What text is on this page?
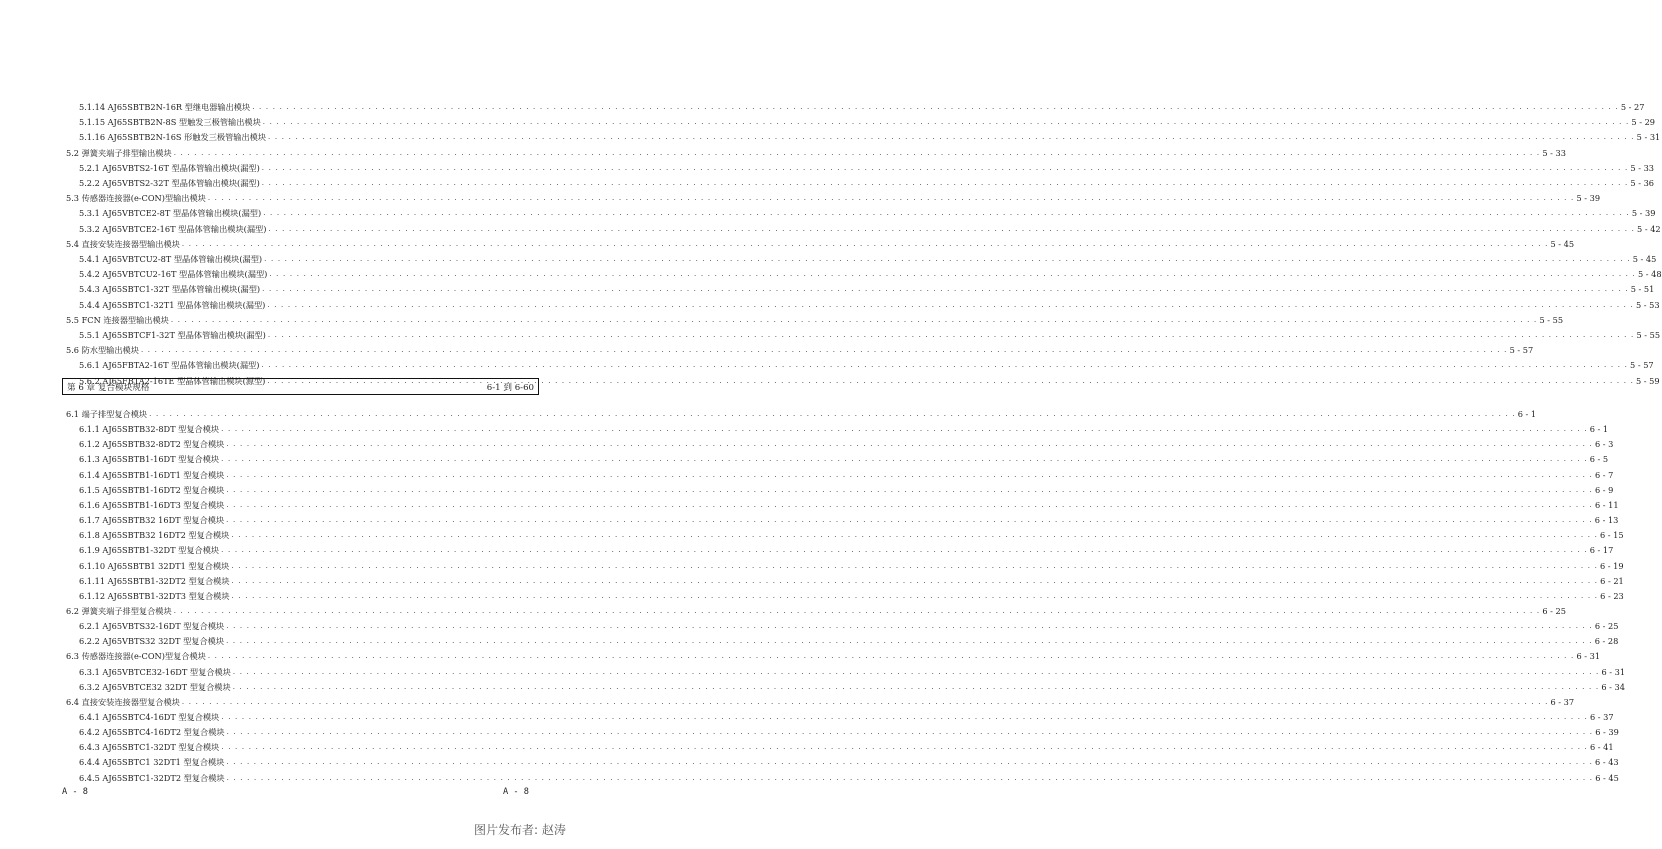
5.1.14 AJ65SBTB2N-16R 型继电器输出模块 . . . . . . . . . . . . . . . . . . . . . . . . . . . . . . . . . . . . . . . . . . . . . . . . . . . . . . . . . . . . . . . . . . . . . . . . . . . . . . . . . . . . . . . . . . . . . . . . . . . . . . . . . . . . . . . . . . . . . . . . . . . . . . . . . . . . . . . . . . . . . . . . . . . . . . . . . . . . . . . . . . . . . . . . . . . . . . . . . . . . . . . . . . . . . . . . . . . . . . . . 5 - 27
5.1.15 AJ65SBTB2N-8S 型触发三极管输出模块 . . . . . . . . . . . . . . . . . . . . . . . . . . . . . . . . . . . . . . . . . . . . . . . . . . . . . . . . . . . . . . . . . . . . . . . . . . . . . . . . . . . . . . . . . . . . . . . . . . . . . . . . . . . . . . . . . . . . . . . . . . . . . . . . . . . . . . . . . . . . . . . . . . . . . . . . . . . . . . . . . . . . . . . . . . . . . . . . . . . . . . . . . . . . . . . . . . . . . . . . 5 - 29
5.1.16 AJ65SBTB2N-16S 形触发三极管输出模块 . . . . . . . . . . . . . . . . . . . . . . . . . . . . . . . . . . . . . . . . . . . . . . . . . . . . . . . . . . . . . . . . . . . . . . . . . . . . . . . . . . . . . . . . . . . . . . . . . . . . . . . . . . . . . . . . . . . . . . . . . . . . . . . . . . . . . . . . . . . . . . . . . . . . . . . . . . . . . . . . . . . . . . . . . . . . . . . . . . . . . . . . . . . . . . . . . . . . . . . . 5 - 31
5.2 弹簧夹端子排型输出模块 . . . . . . . . . . . . . . . . . . . . . . . . . . . . . . . . . . . . . . . . . . . . . . . . . . . . . . . . . . . . . . . . . . . . . . . . . . . . . . . . . . . . . . . . . . . . . . . . . . . . . . . . . . . . . . . . . . . . . . . . . . . . . . . . . . . . . . . . . . . . . . . . . . . . . . . . . . . . . . . . . . . . . . . . . . . . . . . . . . . . . . . . . . . . . . . . . . . . . . . . 5 - 33
5.2.1 AJ65VBTS2-16T 型晶体管输出模块(漏型) . . . . . . . . . . . . . . . . . . . . . . . . . . . . . . . . . . . . . . . . . . . . . . . . . . . . . . . . . . . . . . . . . . . . . . . . . . . . . . . . . . . . . . . . . . . . . . . . . . . . . . . . . . . . . . . . . . . . . . . . . . . . . . . . . . . . . . . . . . . . . . . . . . . . . . . . . . . . . . . . . . . . . . . . . . . . . . . . . . . . . . . . . . . . . . . . . . . . . . . . 5 - 33
5.2.2 AJ65VBTS2-32T 型晶体管输出模块(漏型) . . . . . . . . . . . . . . . . . . . . . . . . . . . . . . . . . . . . . . . . . . . . . . . . . . . . . . . . . . . . . . . . . . . . . . . . . . . . . . . . . . . . . . . . . . . . . . . . . . . . . . . . . . . . . . . . . . . . . . . . . . . . . . . . . . . . . . . . . . . . . . . . . . . . . . . . . . . . . . . . . . . . . . . . . . . . . . . . . . . . . . . . . . . . . . . . . . . . . . . . 5 - 36
5.3 传感器连接器(e-CON)型输出模块 . . . . . . . . . . . . . . . . . . . . . . . . . . . . . . . . . . . . . . . . . . . . . . . . . . . . . . . . . . . . . . . . . . . . . . . . . . . . . . . . . . . . . . . . . . . . . . . . . . . . . . . . . . . . . . . . . . . . . . . . . . . . . . . . . . . . . . . . . . . . . . . . . . . . . . . . . . . . . . . . . . . . . . . . . . . . . . . . . . . . . . . . . . . . . . . . . . . . . . . . 5 - 39
5.3.1 AJ65VBTCE2-8T 型晶体管输出模块(漏型) . . . . . . . . . . . . . . . . . . . . . . . . . . . . . . . . . . . . . . . . . . . . . . . . . . . . . . . . . . . . . . . . . . . . . . . . . . . . . . . . . . . . . . . . . . . . . . . . . . . . . . . . . . . . . . . . . . . . . . . . . . . . . . . . . . . . . . . . . . . . . . . . . . . . . . . . . . . . . . . . . . . . . . . . . . . . . . . . . . . . . . . . . . . . . . . . . . . . . . . . 5 - 39
5.3.2 AJ65VBTCE2-16T 型晶体管输出模块(漏型) . . . . . . . . . . . . . . . . . . . . . . . . . . . . . . . . . . . . . . . . . . . . . . . . . . . . . . . . . . . . . . . . . . . . . . . . . . . . . . . . . . . . . . . . . . . . . . . . . . . . . . . . . . . . . . . . . . . . . . . . . . . . . . . . . . . . . . . . . . . . . . . . . . . . . . . . . . . . . . . . . . . . . . . . . . . . . . . . . . . . . . . . . . . . . . . . . . . . . . . . 5 - 42
5.4 直接安装连接器型输出模块 . . . . . . . . . . . . . . . . . . . . . . . . . . . . . . . . . . . . . . . . . . . . . . . . . . . . . . . . . . . . . . . . . . . . . . . . . . . . . . . . . . . . . . . . . . . . . . . . . . . . . . . . . . . . . . . . . . . . . . . . . . . . . . . . . . . . . . . . . . . . . . . . . . . . . . . . . . . . . . . . . . . . . . . . . . . . . . . . . . . . . . . . . . . . . . . . . . . . . . . . 5 - 45
5.4.1 AJ65VBTCU2-8T 型晶体管输出模块(漏型) . . . . . . . . . . . . . . . . . . . . . . . . . . . . . . . . . . . . . . . . . . . . . . . . . . . . . . . . . . . . . . . . . . . . . . . . . . . . . . . . . . . . . . . . . . . . . . . . . . . . . . . . . . . . . . . . . . . . . . . . . . . . . . . . . . . . . . . . . . . . . . . . . . . . . . . . . . . . . . . . . . . . . . . . . . . . . . . . . . . . . . . . . . . . . . . . . . . . . . . . 5 - 45
5.4.2 AJ65VBTCU2-16T 型晶体管输出模块(漏型) . . . . . . . . . . . . . . . . . . . . . . . . . . . . . . . . . . . . . . . . . . . . . . . . . . . . . . . . . . . . . . . . . . . . . . . . . . . . . . . . . . . . . . . . . . . . . . . . . . . . . . . . . . . . . . . . . . . . . . . . . . . . . . . . . . . . . . . . . . . . . . . . . . . . . . . . . . . . . . . . . . . . . . . . . . . . . . . . . . . . . . . . . . . . . . . . . . . . . . . . 5 - 48
5.4.3 AJ65SBTC1-32T 型晶体管输出模块(漏型) . . . . . . . . . . . . . . . . . . . . . . . . . . . . . . . . . . . . . . . . . . . . . . . . . . . . . . . . . . . . . . . . . . . . . . . . . . . . . . . . . . . . . . . . . . . . . . . . . . . . . . . . . . . . . . . . . . . . . . . . . . . . . . . . . . . . . . . . . . . . . . . . . . . . . . . . . . . . . . . . . . . . . . . . . . . . . . . . . . . . . . . . . . . . . . . . . . . . . . . . 5 - 51
5.4.4 AJ65SBTC1-32T1 型晶体管输出模块(漏型) . . . . . . . . . . . . . . . . . . . . . . . . . . . . . . . . . . . . . . . . . . . . . . . . . . . . . . . . . . . . . . . . . . . . . . . . . . . . . . . . . . . . . . . . . . . . . . . . . . . . . . . . . . . . . . . . . . . . . . . . . . . . . . . . . . . . . . . . . . . . . . . . . . . . . . . . . . . . . . . . . . . . . . . . . . . . . . . . . . . . . . . . . . . . . . . . . . . . . . . . 5 - 53
5.5 FCN 连接器型输出模块 . . . . . . . . . . . . . . . . . . . . . . . . . . . . . . . . . . . . . . . . . . . . . . . . . . . . . . . . . . . . . . . . . . . . . . . . . . . . . . . . . . . . . . . . . . . . . . . . . . . . . . . . . . . . . . . . . . . . . . . . . . . . . . . . . . . . . . . . . . . . . . . . . . . . . . . . . . . . . . . . . . . . . . . . . . . . . . . . . . . . . . . . . . . . . . . . . . . . . . . . 5 - 55
5.5.1 AJ65SBTCF1-32T 型晶体管输出模块(漏型) . . . . . . . . . . . . . . . . . . . . . . . . . . . . . . . . . . . . . . . . . . . . . . . . . . . . . . . . . . . . . . . . . . . . . . . . . . . . . . . . . . . . . . . . . . . . . . . . . . . . . . . . . . . . . . . . . . . . . . . . . . . . . . . . . . . . . . . . . . . . . . . . . . . . . . . . . . . . . . . . . . . . . . . . . . . . . . . . . . . . . . . . . . . . . . . . . . . . . . . . 5 - 55
5.6 防水型输出模块 . . . . . . . . . . . . . . . . . . . . . . . . . . . . . . . . . . . . . . . . . . . . . . . . . . . . . . . . . . . . . . . . . . . . . . . . . . . . . . . . . . . . . . . . . . . . . . . . . . . . . . . . . . . . . . . . . . . . . . . . . . . . . . . . . . . . . . . . . . . . . . . . . . . . . . . . . . . . . . . . . . . . . . . . . . . . . . . . . . . . . . . . . . . . . . . . . . . . . . . . 5 - 57
5.6.1 AJ65FBTA2-16T 型晶体管输出模块(漏型) . . . . . . . . . . . . . . . . . . . . . . . . . . . . . . . . . . . . . . . . . . . . . . . . . . . . . . . . . . . . . . . . . . . . . . . . . . . . . . . . . . . . . . . . . . . . . . . . . . . . . . . . . . . . . . . . . . . . . . . . . . . . . . . . . . . . . . . . . . . . . . . . . . . . . . . . . . . . . . . . . . . . . . . . . . . . . . . . . . . . . . . . . . . . . . . . . . . . . . . . 5 - 57
5.6.2 AJ65FBTA2-16TE 型晶体管输出模块(源型) . . . . . . . . . . . . . . . . . . . . . . . . . . . . . . . . . . . . . . . . . . . . . . . . . . . . . . . . . . . . . . . . . . . . . . . . . . . . . . . . . . . . . . . . . . . . . . . . . . . . . . . . . . . . . . . . . . . . . . . . . . . . . . . . . . . . . . . . . . . . . . . . . . . . . . . . . . . . . . . . . . . . . . . . . . . . . . . . . . . . . . . . . . . . . . . . . . . . . . . . 5 - 59
第 6 章 复合模块规格	6-1 到 6-60
6.1 端子排型复合模块 . . . . . . . . . . . . . . . . . . . . . . . . . . . . . . . . . . . . . . . . . . . . . . . . . . . . . . . . . . . . . . . . . . . . . . . . . . . . . . . . . . . . . . . . . . . . . . . . . . . . . . . . . . . . . . . . . . . . . . . . . . . . . . . . . . . . . . . . . . . . . . . . . . . . . . . . . . . . . . . . . . . . . . . . . . . . . . . . . . . . . . . . . . . . . . . . . . . . . . . . 6 - 1
6.1.1 AJ65SBTB32-8DT 型复合模块 . . . . . . . . . . . . . . . . . . . . . . . . . . . . . . . . . . . . . . . . . . . . . . . . . . . . . . . . . . . . . . . . . . . . . . . . . . . . . . . . . . . . . . . . . . . . . . . . . . . . . . . . . . . . . . . . . . . . . . . . . . . . . . . . . . . . . . . . . . . . . . . . . . . . . . . . . . . . . . . . . . . . . . . . . . . . . . . . . . . . . . . . . . . . . . . . . . . . . . . . 6 - 1
6.1.2 AJ65SBTB32-8DT2 型复合模块 . . . . . . . . . . . . . . . . . . . . . . . . . . . . . . . . . . . . . . . . . . . . . . . . . . . . . . . . . . . . . . . . . . . . . . . . . . . . . . . . . . . . . . . . . . . . . . . . . . . . . . . . . . . . . . . . . . . . . . . . . . . . . . . . . . . . . . . . . . . . . . . . . . . . . . . . . . . . . . . . . . . . . . . . . . . . . . . . . . . . . . . . . . . . . . . . . . . . . . . . 6 - 3
6.1.3 AJ65SBTB1-16DT 型复合模块 . . . . . . . . . . . . . . . . . . . . . . . . . . . . . . . . . . . . . . . . . . . . . . . . . . . . . . . . . . . . . . . . . . . . . . . . . . . . . . . . . . . . . . . . . . . . . . . . . . . . . . . . . . . . . . . . . . . . . . . . . . . . . . . . . . . . . . . . . . . . . . . . . . . . . . . . . . . . . . . . . . . . . . . . . . . . . . . . . . . . . . . . . . . . . . . . . . . . . . . . 6 - 5
6.1.4 AJ65SBTB1-16DT1 型复合模块 . . . . . . . . . . . . . . . . . . . . . . . . . . . . . . . . . . . . . . . . . . . . . . . . . . . . . . . . . . . . . . . . . . . . . . . . . . . . . . . . . . . . . . . . . . . . . . . . . . . . . . . . . . . . . . . . . . . . . . . . . . . . . . . . . . . . . . . . . . . . . . . . . . . . . . . . . . . . . . . . . . . . . . . . . . . . . . . . . . . . . . . . . . . . . . . . . . . . . . . . 6 - 7
6.1.5 AJ65SBTB1-16DT2 型复合模块 . . . . . . . . . . . . . . . . . . . . . . . . . . . . . . . . . . . . . . . . . . . . . . . . . . . . . . . . . . . . . . . . . . . . . . . . . . . . . . . . . . . . . . . . . . . . . . . . . . . . . . . . . . . . . . . . . . . . . . . . . . . . . . . . . . . . . . . . . . . . . . . . . . . . . . . . . . . . . . . . . . . . . . . . . . . . . . . . . . . . . . . . . . . . . . . . . . . . . . . . 6 - 9
6.1.6 AJ65SBTB1-16DT3 型复合模块 . . . . . . . . . . . . . . . . . . . . . . . . . . . . . . . . . . . . . . . . . . . . . . . . . . . . . . . . . . . . . . . . . . . . . . . . . . . . . . . . . . . . . . . . . . . . . . . . . . . . . . . . . . . . . . . . . . . . . . . . . . . . . . . . . . . . . . . . . . . . . . . . . . . . . . . . . . . . . . . . . . . . . . . . . . . . . . . . . . . . . . . . . . . . . . . . . . . . . . . . 6 - 11
6.1.7 AJ65SBTB32 16DT 型复合模块 . . . . . . . . . . . . . . . . . . . . . . . . . . . . . . . . . . . . . . . . . . . . . . . . . . . . . . . . . . . . . . . . . . . . . . . . . . . . . . . . . . . . . . . . . . . . . . . . . . . . . . . . . . . . . . . . . . . . . . . . . . . . . . . . . . . . . . . . . . . . . . . . . . . . . . . . . . . . . . . . . . . . . . . . . . . . . . . . . . . . . . . . . . . . . . . . . . . . . . . . 6 - 13
6.1.8 AJ65SBTB32 16DT2 型复合模块 . . . . . . . . . . . . . . . . . . . . . . . . . . . . . . . . . . . . . . . . . . . . . . . . . . . . . . . . . . . . . . . . . . . . . . . . . . . . . . . . . . . . . . . . . . . . . . . . . . . . . . . . . . . . . . . . . . . . . . . . . . . . . . . . . . . . . . . . . . . . . . . . . . . . . . . . . . . . . . . . . . . . . . . . . . . . . . . . . . . . . . . . . . . . . . . . . . . . . . . . 6 - 15
6.1.9 AJ65SBTB1-32DT 型复合模块 . . . . . . . . . . . . . . . . . . . . . . . . . . . . . . . . . . . . . . . . . . . . . . . . . . . . . . . . . . . . . . . . . . . . . . . . . . . . . . . . . . . . . . . . . . . . . . . . . . . . . . . . . . . . . . . . . . . . . . . . . . . . . . . . . . . . . . . . . . . . . . . . . . . . . . . . . . . . . . . . . . . . . . . . . . . . . . . . . . . . . . . . . . . . . . . . . . . . . . . . 6 - 17
6.1.10 AJ65SBTB1 32DT1 型复合模块 . . . . . . . . . . . . . . . . . . . . . . . . . . . . . . . . . . . . . . . . . . . . . . . . . . . . . . . . . . . . . . . . . . . . . . . . . . . . . . . . . . . . . . . . . . . . . . . . . . . . . . . . . . . . . . . . . . . . . . . . . . . . . . . . . . . . . . . . . . . . . . . . . . . . . . . . . . . . . . . . . . . . . . . . . . . . . . . . . . . . . . . . . . . . . . . . . . . . . . . . 6 - 19
6.1.11 AJ65SBTB1-32DT2 型复合模块 . . . . . . . . . . . . . . . . . . . . . . . . . . . . . . . . . . . . . . . . . . . . . . . . . . . . . . . . . . . . . . . . . . . . . . . . . . . . . . . . . . . . . . . . . . . . . . . . . . . . . . . . . . . . . . . . . . . . . . . . . . . . . . . . . . . . . . . . . . . . . . . . . . . . . . . . . . . . . . . . . . . . . . . . . . . . . . . . . . . . . . . . . . . . . . . . . . . . . . . . 6 - 21
6.1.12 AJ65SBTB1-32DT3 型复合模块 . . . . . . . . . . . . . . . . . . . . . . . . . . . . . . . . . . . . . . . . . . . . . . . . . . . . . . . . . . . . . . . . . . . . . . . . . . . . . . . . . . . . . . . . . . . . . . . . . . . . . . . . . . . . . . . . . . . . . . . . . . . . . . . . . . . . . . . . . . . . . . . . . . . . . . . . . . . . . . . . . . . . . . . . . . . . . . . . . . . . . . . . . . . . . . . . . . . . . . . . 6 - 23
6.2 弹簧夹端子排型复合模块 . . . . . . . . . . . . . . . . . . . . . . . . . . . . . . . . . . . . . . . . . . . . . . . . . . . . . . . . . . . . . . . . . . . . . . . . . . . . . . . . . . . . . . . . . . . . . . . . . . . . . . . . . . . . . . . . . . . . . . . . . . . . . . . . . . . . . . . . . . . . . . . . . . . . . . . . . . . . . . . . . . . . . . . . . . . . . . . . . . . . . . . . . . . . . . . . . . . . . . . . 6 - 25
6.2.1 AJ65VBTS32-16DT 型复合模块 . . . . . . . . . . . . . . . . . . . . . . . . . . . . . . . . . . . . . . . . . . . . . . . . . . . . . . . . . . . . . . . . . . . . . . . . . . . . . . . . . . . . . . . . . . . . . . . . . . . . . . . . . . . . . . . . . . . . . . . . . . . . . . . . . . . . . . . . . . . . . . . . . . . . . . . . . . . . . . . . . . . . . . . . . . . . . . . . . . . . . . . . . . . . . . . . . . . . . . . . 6 - 25
6.2.2 AJ65VBTS32 32DT 型复合模块 . . . . . . . . . . . . . . . . . . . . . . . . . . . . . . . . . . . . . . . . . . . . . . . . . . . . . . . . . . . . . . . . . . . . . . . . . . . . . . . . . . . . . . . . . . . . . . . . . . . . . . . . . . . . . . . . . . . . . . . . . . . . . . . . . . . . . . . . . . . . . . . . . . . . . . . . . . . . . . . . . . . . . . . . . . . . . . . . . . . . . . . . . . . . . . . . . . . . . . . . 6 - 28
6.3 传感器连接器(e-CON)型复合模块 . . . . . . . . . . . . . . . . . . . . . . . . . . . . . . . . . . . . . . . . . . . . . . . . . . . . . . . . . . . . . . . . . . . . . . . . . . . . . . . . . . . . . . . . . . . . . . . . . . . . . . . . . . . . . . . . . . . . . . . . . . . . . . . . . . . . . . . . . . . . . . . . . . . . . . . . . . . . . . . . . . . . . . . . . . . . . . . . . . . . . . . . . . . . . . . . . . . . . . . . 6 - 31
6.3.1 AJ65VBTCE32-16DT 型复合模块 . . . . . . . . . . . . . . . . . . . . . . . . . . . . . . . . . . . . . . . . . . . . . . . . . . . . . . . . . . . . . . . . . . . . . . . . . . . . . . . . . . . . . . . . . . . . . . . . . . . . . . . . . . . . . . . . . . . . . . . . . . . . . . . . . . . . . . . . . . . . . . . . . . . . . . . . . . . . . . . . . . . . . . . . . . . . . . . . . . . . . . . . . . . . . . . . . . . . . . . . 6 - 31
6.3.2 AJ65VBTCE32 32DT 型复合模块 . . . . . . . . . . . . . . . . . . . . . . . . . . . . . . . . . . . . . . . . . . . . . . . . . . . . . . . . . . . . . . . . . . . . . . . . . . . . . . . . . . . . . . . . . . . . . . . . . . . . . . . . . . . . . . . . . . . . . . . . . . . . . . . . . . . . . . . . . . . . . . . . . . . . . . . . . . . . . . . . . . . . . . . . . . . . . . . . . . . . . . . . . . . . . . . . . . . . . . . . 6 - 34
6.4 直接安装连接器型复合模块 . . . . . . . . . . . . . . . . . . . . . . . . . . . . . . . . . . . . . . . . . . . . . . . . . . . . . . . . . . . . . . . . . . . . . . . . . . . . . . . . . . . . . . . . . . . . . . . . . . . . . . . . . . . . . . . . . . . . . . . . . . . . . . . . . . . . . . . . . . . . . . . . . . . . . . . . . . . . . . . . . . . . . . . . . . . . . . . . . . . . . . . . . . . . . . . . . . . . . . . . 6 - 37
6.4.1 AJ65SBTC4-16DT 型复合模块 . . . . . . . . . . . . . . . . . . . . . . . . . . . . . . . . . . . . . . . . . . . . . . . . . . . . . . . . . . . . . . . . . . . . . . . . . . . . . . . . . . . . . . . . . . . . . . . . . . . . . . . . . . . . . . . . . . . . . . . . . . . . . . . . . . . . . . . . . . . . . . . . . . . . . . . . . . . . . . . . . . . . . . . . . . . . . . . . . . . . . . . . . . . . . . . . . . . . . . . . 6 - 37
6.4.2 AJ65SBTC4-16DT2 型复合模块 . . . . . . . . . . . . . . . . . . . . . . . . . . . . . . . . . . . . . . . . . . . . . . . . . . . . . . . . . . . . . . . . . . . . . . . . . . . . . . . . . . . . . . . . . . . . . . . . . . . . . . . . . . . . . . . . . . . . . . . . . . . . . . . . . . . . . . . . . . . . . . . . . . . . . . . . . . . . . . . . . . . . . . . . . . . . . . . . . . . . . . . . . . . . . . . . . . . . . . . . 6 - 39
6.4.3 AJ65SBTC1-32DT 型复合模块 . . . . . . . . . . . . . . . . . . . . . . . . . . . . . . . . . . . . . . . . . . . . . . . . . . . . . . . . . . . . . . . . . . . . . . . . . . . . . . . . . . . . . . . . . . . . . . . . . . . . . . . . . . . . . . . . . . . . . . . . . . . . . . . . . . . . . . . . . . . . . . . . . . . . . . . . . . . . . . . . . . . . . . . . . . . . . . . . . . . . . . . . . . . . . . . . . . . . . . . . 6 - 41
6.4.4 AJ65SBTC1 32DT1 型复合模块 . . . . . . . . . . . . . . . . . . . . . . . . . . . . . . . . . . . . . . . . . . . . . . . . . . . . . . . . . . . . . . . . . . . . . . . . . . . . . . . . . . . . . . . . . . . . . . . . . . . . . . . . . . . . . . . . . . . . . . . . . . . . . . . . . . . . . . . . . . . . . . . . . . . . . . . . . . . . . . . . . . . . . . . . . . . . . . . . . . . . . . . . . . . . . . . . . . . . . . . . 6 - 43
6.4.5 AJ65SBTC1-32DT2 型复合模块 . . . . . . . . . . . . . . . . . . . . . . . . . . . . . . . . . . . . . . . . . . . . . . . . . . . . . . . . . . . . . . . . . . . . . . . . . . . . . . . . . . . . . . . . . . . . . . . . . . . . . . . . . . . . . . . . . . . . . . . . . . . . . . . . . . . . . . . . . . . . . . . . . . . . . . . . . . . . . . . . . . . . . . . . . . . . . . . . . . . . . . . . . . . . . . . . . . . . . . . . 6 - 45
A - 8	A - 8
图片发布者: 赵涛
